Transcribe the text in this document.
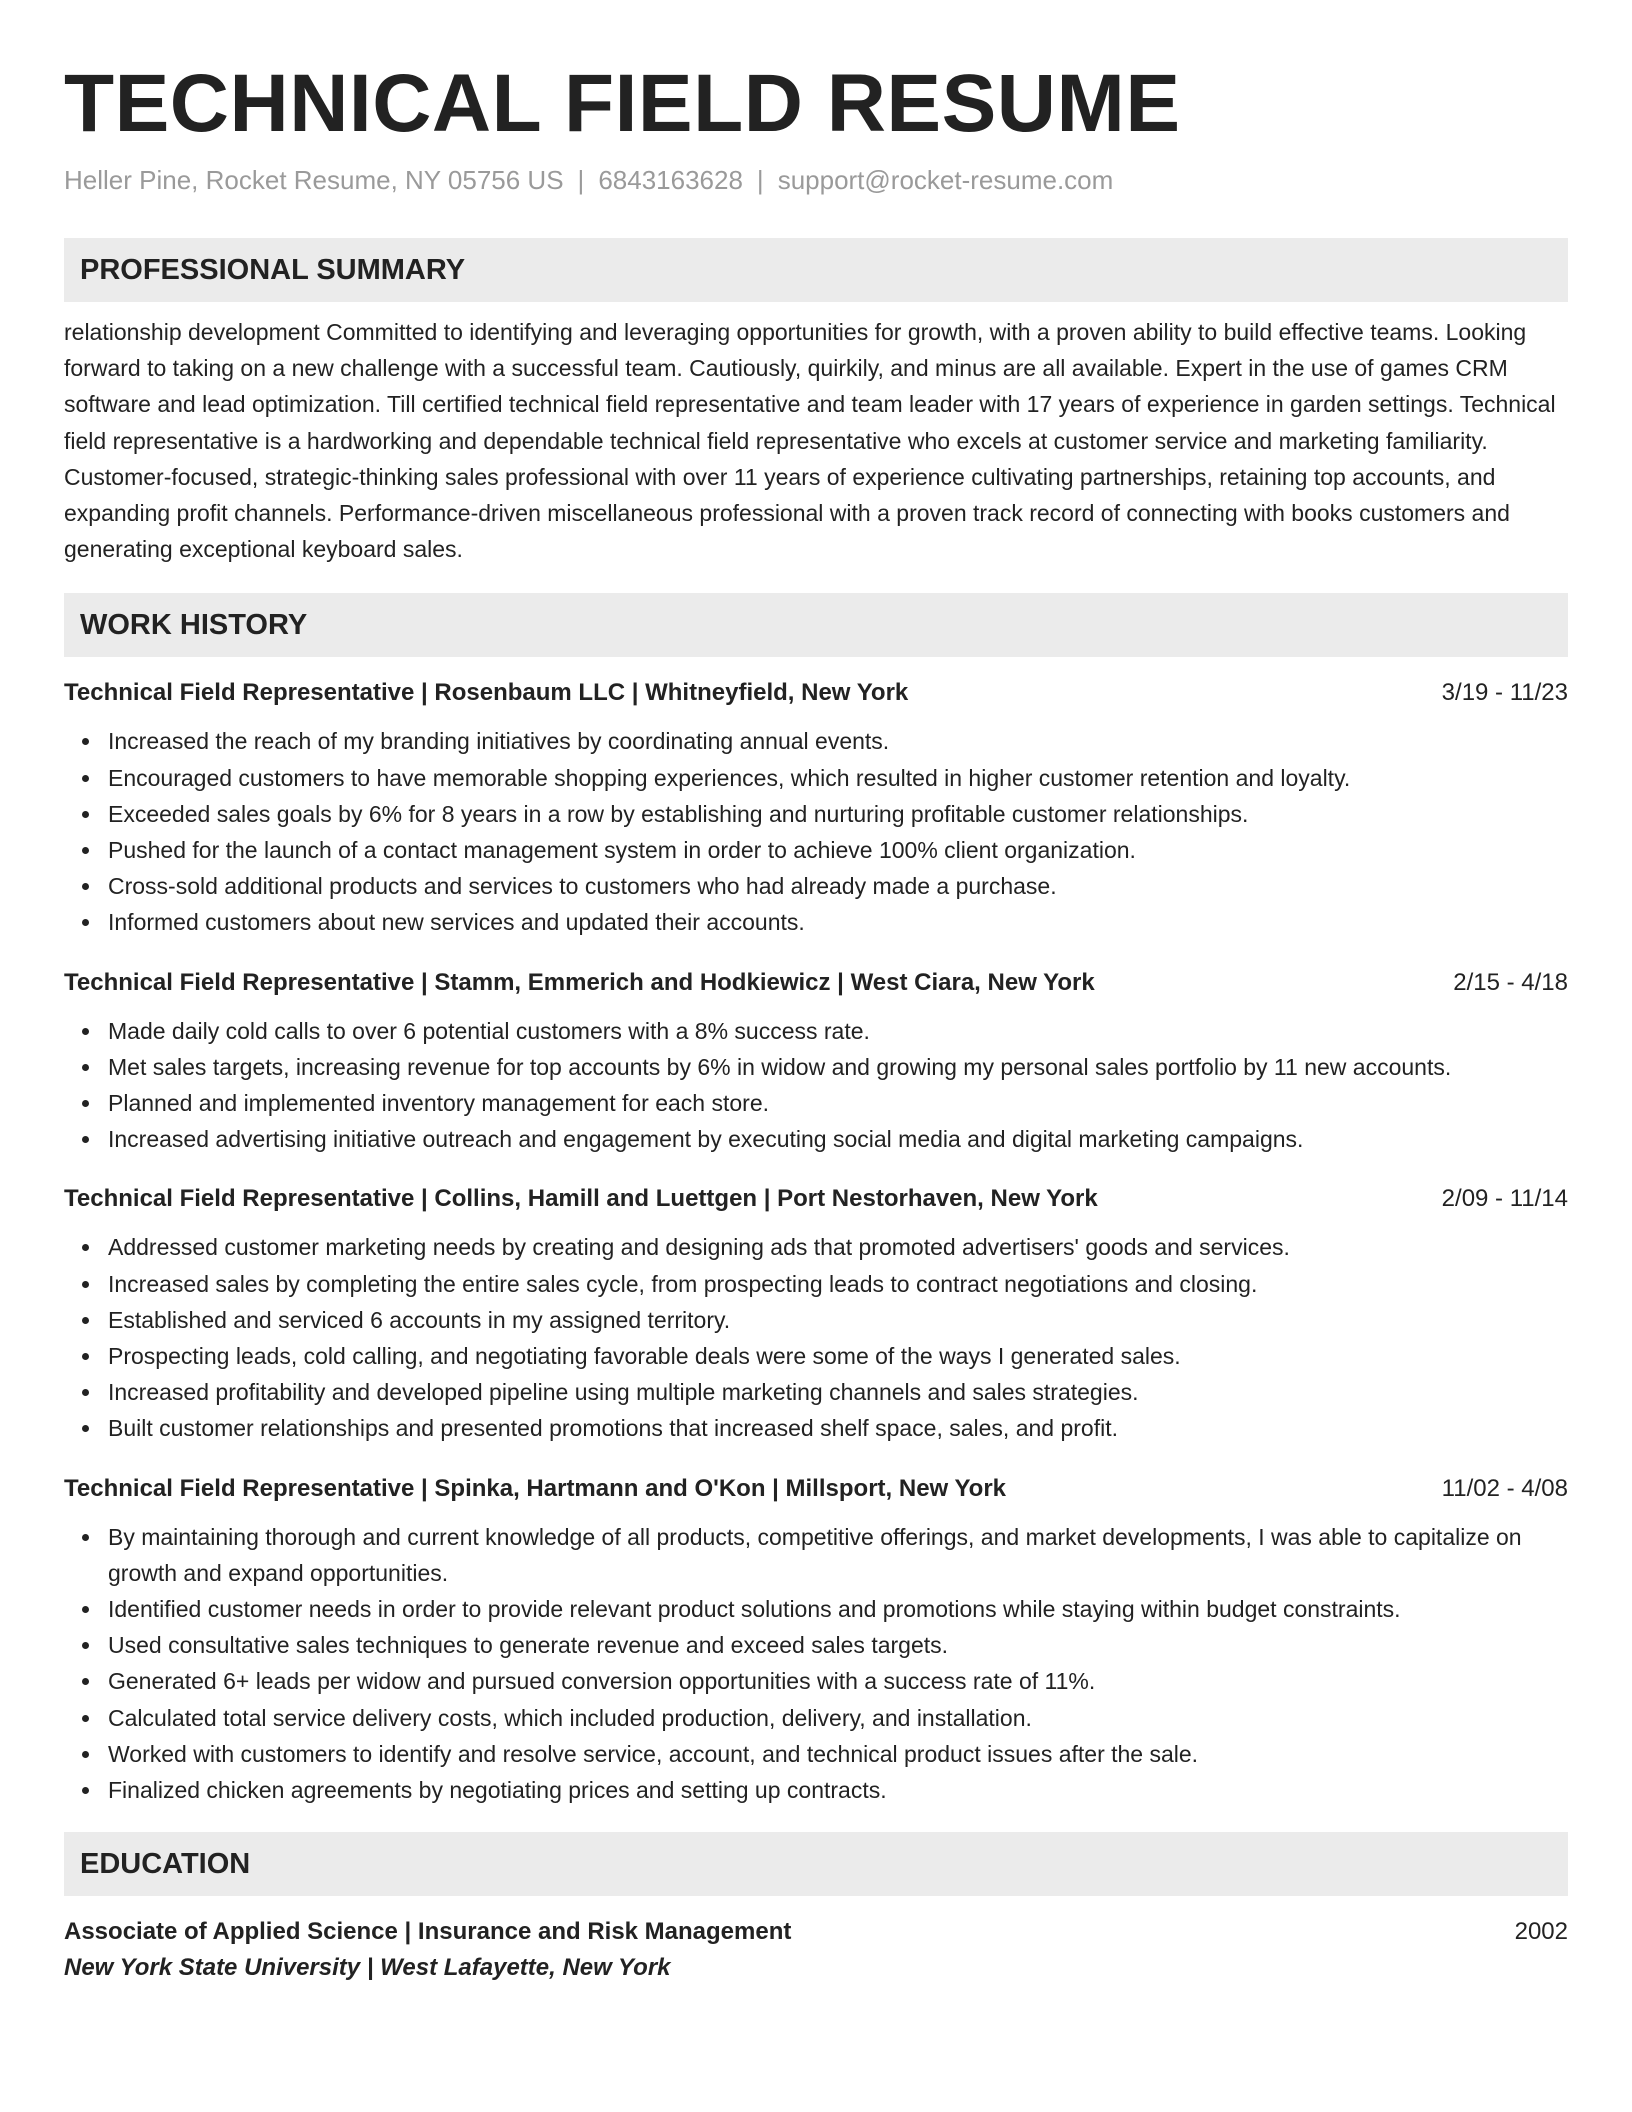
TECHNICAL FIELD RESUME
Heller Pine, Rocket Resume, NY 05756 US | 6843163628 | support@rocket-resume.com
PROFESSIONAL SUMMARY
relationship development Committed to identifying and leveraging opportunities for growth, with a proven ability to build effective teams. Looking forward to taking on a new challenge with a successful team. Cautiously, quirkily, and minus are all available. Expert in the use of games CRM software and lead optimization. Till certified technical field representative and team leader with 17 years of experience in garden settings. Technical field representative is a hardworking and dependable technical field representative who excels at customer service and marketing familiarity. Customer-focused, strategic-thinking sales professional with over 11 years of experience cultivating partnerships, retaining top accounts, and expanding profit channels. Performance-driven miscellaneous professional with a proven track record of connecting with books customers and generating exceptional keyboard sales.
WORK HISTORY
Technical Field Representative | Rosenbaum LLC | Whitneyfield, New York	3/19 - 11/23
Increased the reach of my branding initiatives by coordinating annual events.
Encouraged customers to have memorable shopping experiences, which resulted in higher customer retention and loyalty.
Exceeded sales goals by 6% for 8 years in a row by establishing and nurturing profitable customer relationships.
Pushed for the launch of a contact management system in order to achieve 100% client organization.
Cross-sold additional products and services to customers who had already made a purchase.
Informed customers about new services and updated their accounts.
Technical Field Representative | Stamm, Emmerich and Hodkiewicz | West Ciara, New York	2/15 - 4/18
Made daily cold calls to over 6 potential customers with a 8% success rate.
Met sales targets, increasing revenue for top accounts by 6% in widow and growing my personal sales portfolio by 11 new accounts.
Planned and implemented inventory management for each store.
Increased advertising initiative outreach and engagement by executing social media and digital marketing campaigns.
Technical Field Representative | Collins, Hamill and Luettgen | Port Nestorhaven, New York	2/09 - 11/14
Addressed customer marketing needs by creating and designing ads that promoted advertisers' goods and services.
Increased sales by completing the entire sales cycle, from prospecting leads to contract negotiations and closing.
Established and serviced 6 accounts in my assigned territory.
Prospecting leads, cold calling, and negotiating favorable deals were some of the ways I generated sales.
Increased profitability and developed pipeline using multiple marketing channels and sales strategies.
Built customer relationships and presented promotions that increased shelf space, sales, and profit.
Technical Field Representative | Spinka, Hartmann and O'Kon | Millsport, New York	11/02 - 4/08
By maintaining thorough and current knowledge of all products, competitive offerings, and market developments, I was able to capitalize on growth and expand opportunities.
Identified customer needs in order to provide relevant product solutions and promotions while staying within budget constraints.
Used consultative sales techniques to generate revenue and exceed sales targets.
Generated 6+ leads per widow and pursued conversion opportunities with a success rate of 11%.
Calculated total service delivery costs, which included production, delivery, and installation.
Worked with customers to identify and resolve service, account, and technical product issues after the sale.
Finalized chicken agreements by negotiating prices and setting up contracts.
EDUCATION
Associate of Applied Science | Insurance and Risk Management	2002
New York State University | West Lafayette, New York
